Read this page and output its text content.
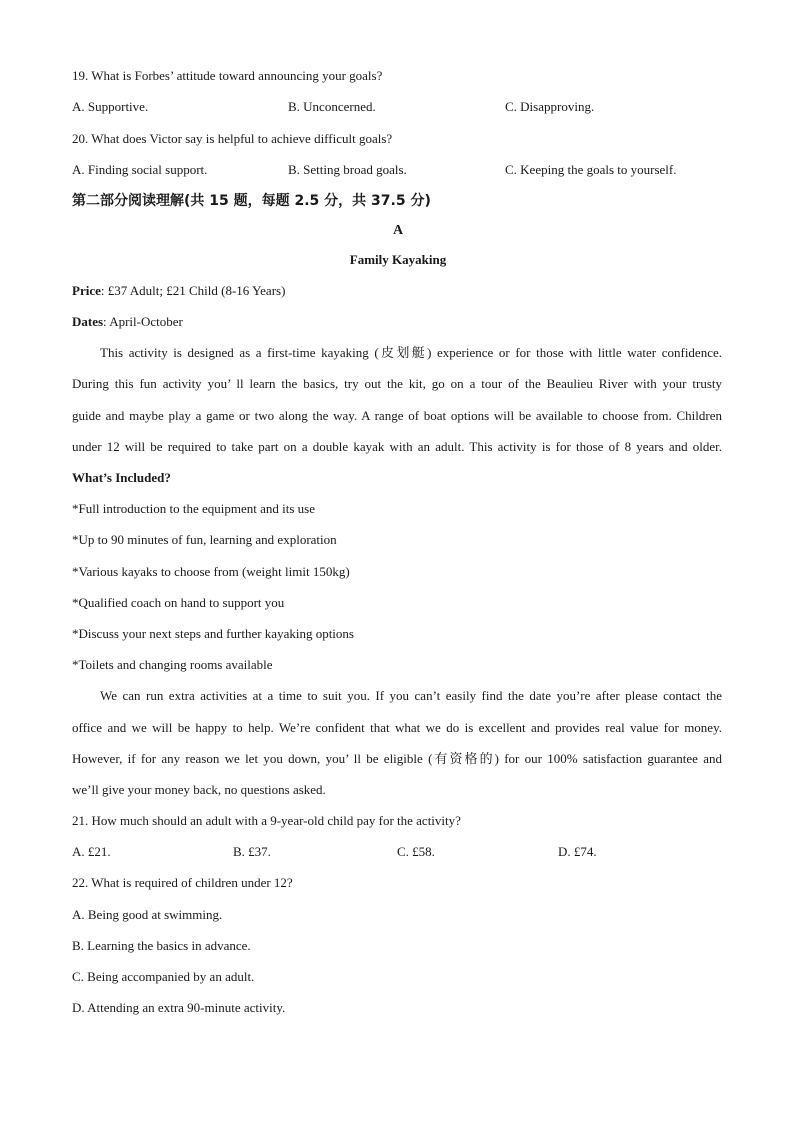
19. What is Forbes’ attitude toward announcing your goals?
A. Supportive.	B. Unconcerned.	C. Disapproving.
20. What does Victor say is helpful to achieve difficult goals?
A. Finding social support.	B. Setting broad goals.	C. Keeping the goals to yourself.
第二部分阅读理解(共 15 题，每题 2.5 分，共 37.5 分)
A
Family Kayaking
Price: £37 Adult; £21 Child (8-16 Years)
Dates: April-October
This activity is designed as a first-time kayaking (皮划艇) experience or for those with little water confidence.
During this fun activity you’ ll learn the basics, try out the kit, go on a tour of the Beaulieu River with your trusty
guide and maybe play a game or two along the way. A range of boat options will be available to choose from. Children
under 12 will be required to take part on a double kayak with an adult. This activity is for those of 8 years and older.
What’s Included?
*Full introduction to the equipment and its use
*Up to 90 minutes of fun, learning and exploration
*Various kayaks to choose from (weight limit 150kg)
*Qualified coach on hand to support you
*Discuss your next steps and further kayaking options
*Toilets and changing rooms available
We can run extra activities at a time to suit you. If you can’t easily find the date you’re after please contact the
office and we will be happy to help. We’re confident that what we do is excellent and provides real value for money.
However, if for any reason we let you down, you’ ll be eligible (有资格的) for our 100% satisfaction guarantee and
we’ll give your money back, no questions asked.
21. How much should an adult with a 9-year-old child pay for the activity?
A. £21.	B. £37.	C. £58.	D. £74.
22. What is required of children under 12?
A. Being good at swimming.
B. Learning the basics in advance.
C. Being accompanied by an adult.
D. Attending an extra 90-minute activity.
